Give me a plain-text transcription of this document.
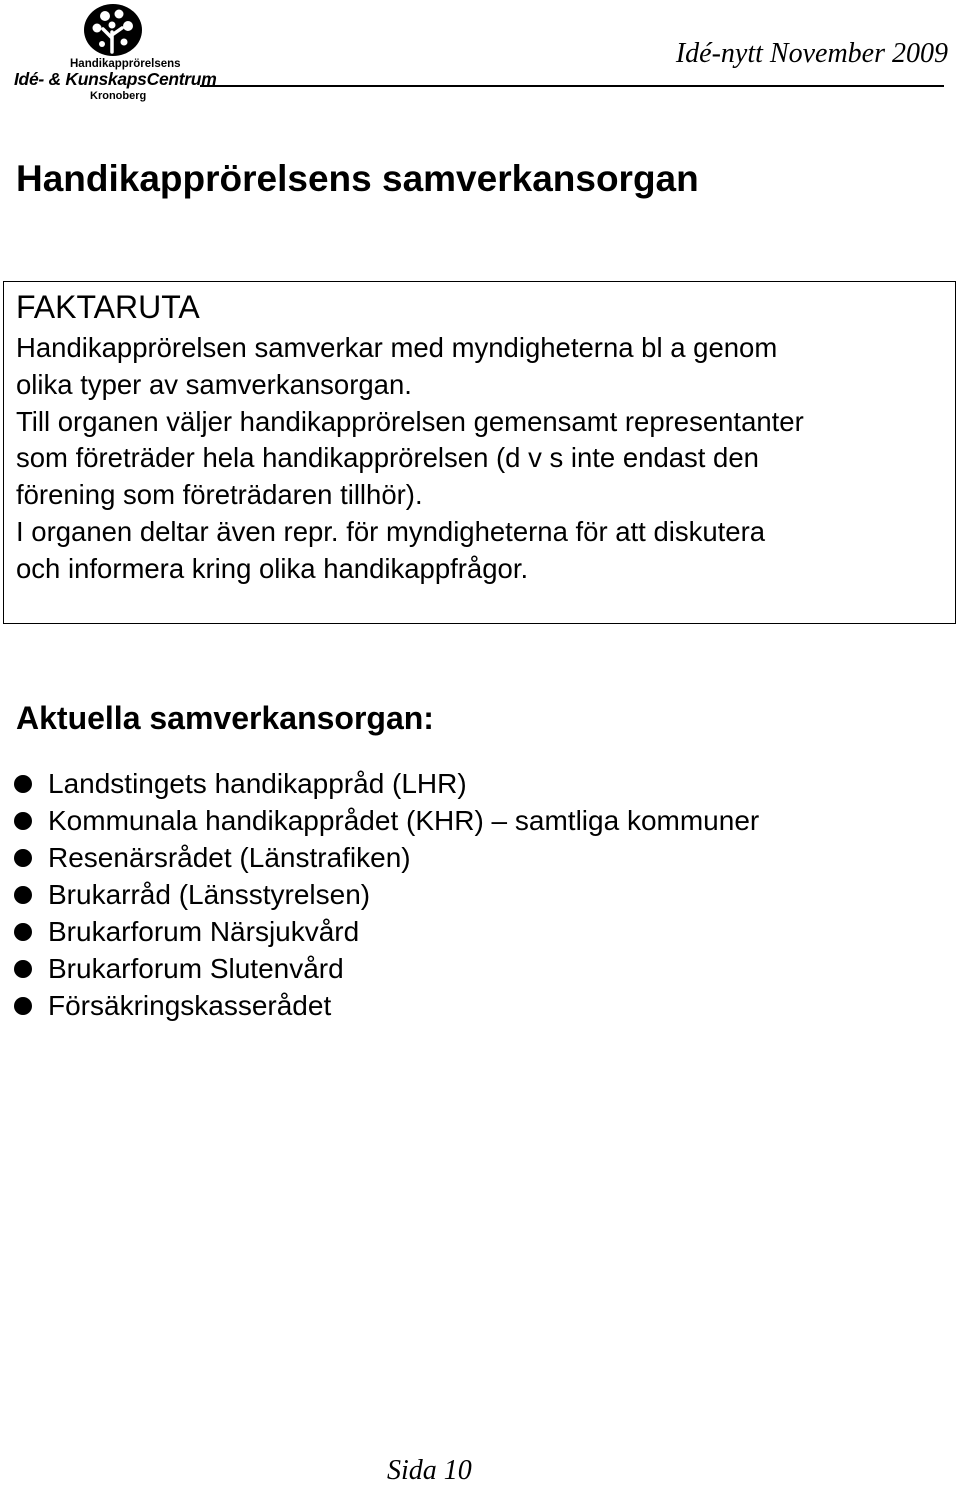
Handikapprörelsens
Idé- & KunskapsCentrum
Kronoberg
Idé-nytt November 2009
Handikapprörelsens samverkansorgan
FAKTARUTA
Handikapprörelsen samverkar med myndigheterna bl a genom
olika typer av samverkansorgan.
Till organen väljer handikapprörelsen gemensamt representanter
som företräder hela handikapprörelsen (d v s inte endast den
förening som företrädaren tillhör).
I organen deltar även repr. för myndigheterna för att diskutera
och informera kring olika handikappfrågor.
Aktuella samverkansorgan:
Landstingets handikappråd (LHR)
Kommunala handikapprådet (KHR) – samtliga kommuner
Resenärsrådet (Länstrafiken)
Brukarråd (Länsstyrelsen)
Brukarforum Närsjukvård
Brukarforum Slutenvård
Försäkringskasserådet
Sida 10
